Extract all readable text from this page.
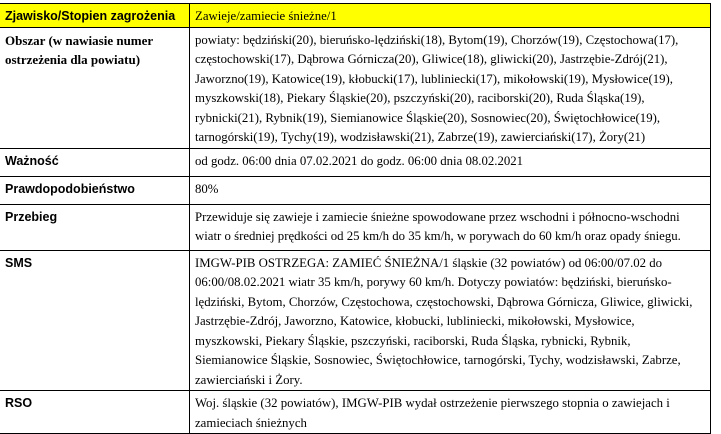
Zjawisko/Stopien zagrożenia	Zawieje/zamiecie śnieżne/1
Obszar (w nawiasie numer ostrzeżenia dla powiatu)	powiaty: będziński(20), bieruńsko-lędziński(18), Bytom(19), Chorzów(19), Częstochowa(17), częstochowski(17), Dąbrowa Górnicza(20), Gliwice(18), gliwicki(20), Jastrzębie-Zdrój(21), Jaworzno(19), Katowice(19), kłobucki(17), lubliniecki(17), mikołowski(19), Mysłowice(19), myszkowski(18), Piekary Śląskie(20), pszczyński(20), raciborski(20), Ruda Śląska(19), rybnicki(21), Rybnik(19), Siemianowice Śląskie(20), Sosnowiec(20), Świętochłowice(19), tarnogórski(19), Tychy(19), wodzisławski(21), Zabrze(19), zawierciański(17), Żory(21)
Ważność	od godz. 06:00 dnia 07.02.2021 do godz. 06:00 dnia 08.02.2021
Prawdopodobieństwo	80%
Przebieg	Przewiduje się zawieje i zamiecie śnieżne spowodowane przez wschodni i północno-wschodni wiatr o średniej prędkości od 25 km/h do 35 km/h, w porywach do 60 km/h oraz opady śniegu.
SMS	IMGW-PIB OSTRZEGA: ZAMIEĆ ŚNIEŻNA/1 śląskie (32 powiatów) od 06:00/07.02 do 06:00/08.02.2021 wiatr 35 km/h, porywy 60 km/h. Dotyczy powiatów: będziński, bieruńsko-lędziński, Bytom, Chorzów, Częstochowa, częstochowski, Dąbrowa Górnicza, Gliwice, gliwicki, Jastrzębie-Zdrój, Jaworzno, Katowice, kłobucki, lubliniecki, mikołowski, Mysłowice, myszkowski, Piekary Śląskie, pszczyński, raciborski, Ruda Śląska, rybnicki, Rybnik, Siemianowice Śląskie, Sosnowiec, Świętochłowice, tarnogórski, Tychy, wodzisławski, Zabrze, zawierciański i Żory.
RSO	Woj. śląskie (32 powiatów), IMGW-PIB wydał ostrzeżenie pierwszego stopnia o zawiejach i zamieciach śnieżnych
